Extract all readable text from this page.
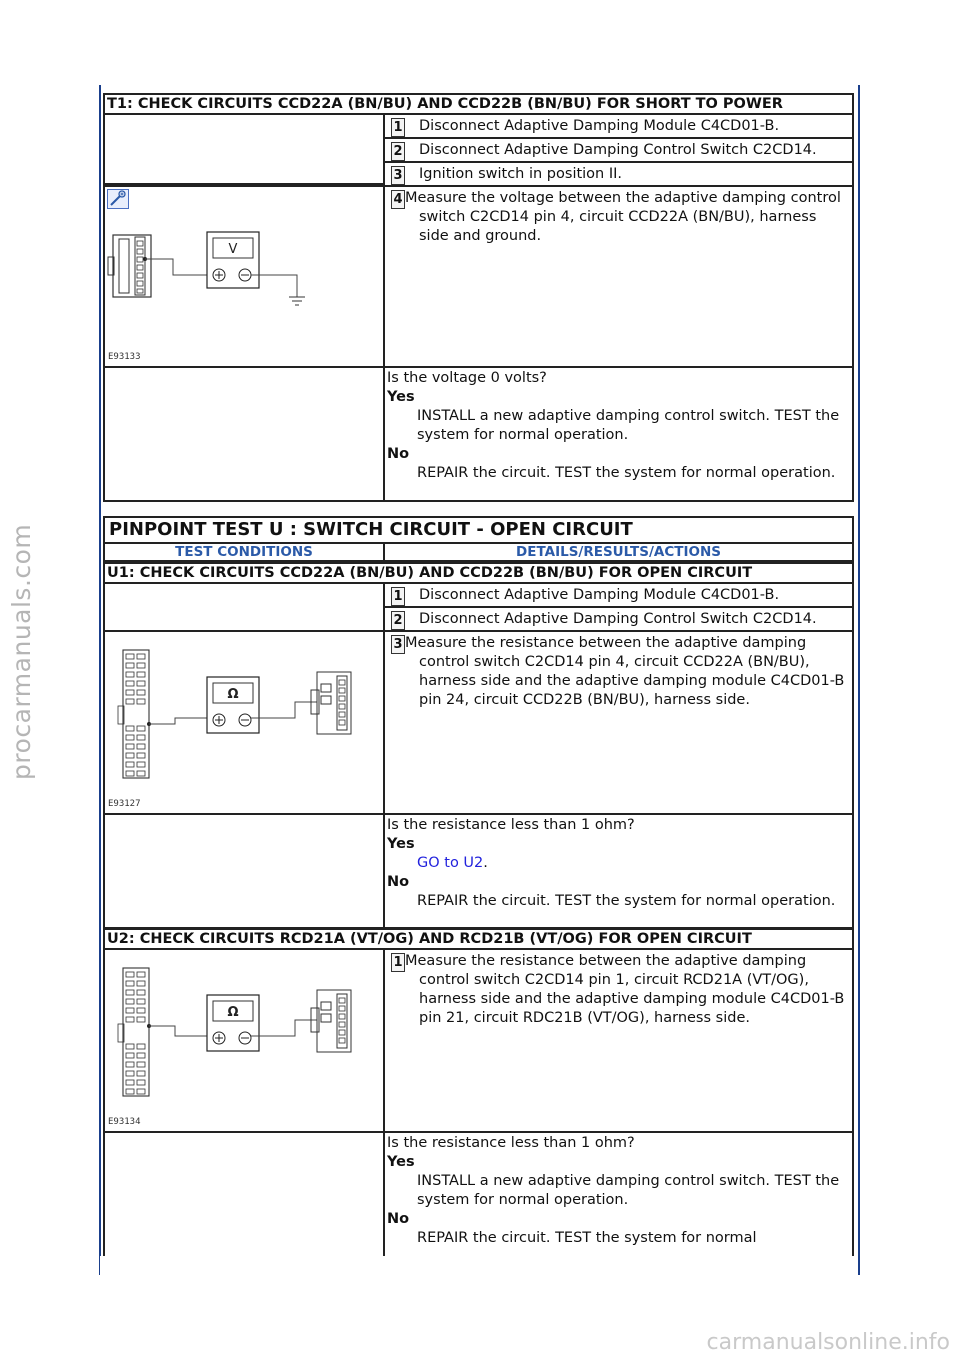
procarmanuals.com
carmanualsonline.info
T1: CHECK CIRCUITS CCD22A (BN/BU) AND CCD22B (BN/BU) FOR SHORT TO POWER
1 Disconnect Adaptive Damping Module C4CD01-B.
2 Disconnect Adaptive Damping Control Switch C2CD14.
3 Ignition switch in position II.
V
E93133
4 Measure the voltage between the adaptive damping control switch C2CD14 pin 4, circuit CCD22A (BN/BU), harness side and ground.
Is the voltage 0 volts?
Yes
INSTALL a new adaptive damping control switch. TEST the system for normal operation.
No
REPAIR the circuit. TEST the system for normal operation.
PINPOINT TEST U : SWITCH CIRCUIT - OPEN CIRCUIT
TEST CONDITIONS	DETAILS/RESULTS/ACTIONS
U1: CHECK CIRCUITS CCD22A (BN/BU) AND CCD22B (BN/BU) FOR OPEN CIRCUIT
1 Disconnect Adaptive Damping Module C4CD01-B.
2 Disconnect Adaptive Damping Control Switch C2CD14.
Ω
E93127
3 Measure the resistance between the adaptive damping control switch C2CD14 pin 4, circuit CCD22A (BN/BU), harness side and the adaptive damping module C4CD01-B pin 24, circuit CCD22B (BN/BU), harness side.
Is the resistance less than 1 ohm?
Yes
GO to U2.
No
REPAIR the circuit. TEST the system for normal operation.
U2: CHECK CIRCUITS RCD21A (VT/OG) AND RCD21B (VT/OG) FOR OPEN CIRCUIT
Ω
E93134
1 Measure the resistance between the adaptive damping control switch C2CD14 pin 1, circuit RCD21A (VT/OG), harness side and the adaptive damping module C4CD01-B pin 21, circuit RDC21B (VT/OG), harness side.
Is the resistance less than 1 ohm?
Yes
INSTALL a new adaptive damping control switch. TEST the system for normal operation.
No
REPAIR the circuit. TEST the system for normal
